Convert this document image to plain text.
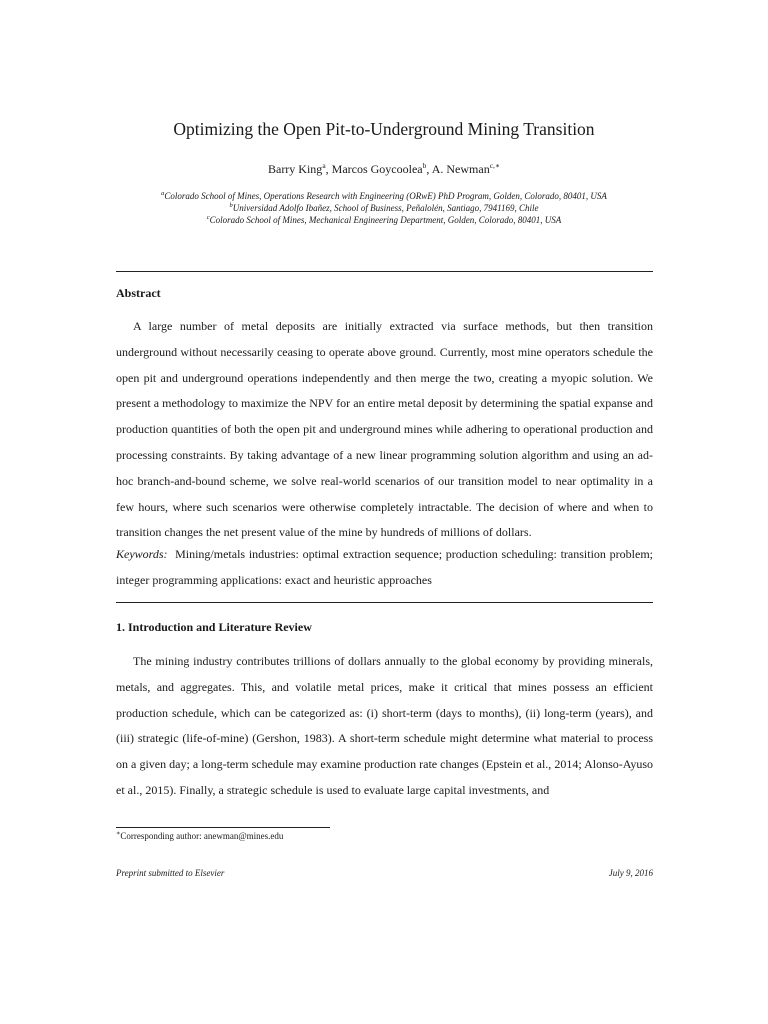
Optimizing the Open Pit-to-Underground Mining Transition
Barry King$^a$, Marcos Goycoolea$^b$, A. Newman$^{c,∗}$
$^a$Colorado School of Mines, Operations Research with Engineering (ORwE) PhD Program, Golden, Colorado, 80401, USA
$^b$Universidad Adolfo Ibañez, School of Business, Peñalolén, Santiago, 7941169, Chile
$^c$Colorado School of Mines, Mechanical Engineering Department, Golden, Colorado, 80401, USA
Abstract

A large number of metal deposits are initially extracted via surface methods, but then transition underground without necessarily ceasing to operate above ground. Currently, most mine operators schedule the open pit and underground operations independently and then merge the two, creating a myopic solution. We present a methodology to maximize the NPV for an entire metal deposit by determining the spatial expanse and production quantities of both the open pit and underground mines while adhering to operational production and processing constraints. By taking advantage of a new linear programming solution algorithm and using an ad-hoc branch-and-bound scheme, we solve real-world scenarios of our transition model to near optimality in a few hours, where such scenarios were otherwise completely intractable. The decision of where and when to transition changes the net present value of the mine by hundreds of millions of dollars.

Keywords: Mining/metals industries: optimal extraction sequence; production scheduling: transition problem; integer programming applications: exact and heuristic approaches

1. Introduction and Literature Review

The mining industry contributes trillions of dollars annually to the global economy by providing minerals, metals, and aggregates. This, and volatile metal prices, make it critical that mines possess an efficient production schedule, which can be categorized as: (i) short-term (days to months), (ii) long-term (years), and (iii) strategic (life-of-mine) (Gershon, 1983). A short-term schedule might determine what material to process on a given day; a long-term schedule may examine production rate changes (Epstein et al., 2014; Alonso-Ayuso et al., 2015). Finally, a strategic schedule is used to evaluate large capital investments, and

∗Corresponding author: anewman@mines.edu
Preprint submitted to Elsevier	July 9, 2016
